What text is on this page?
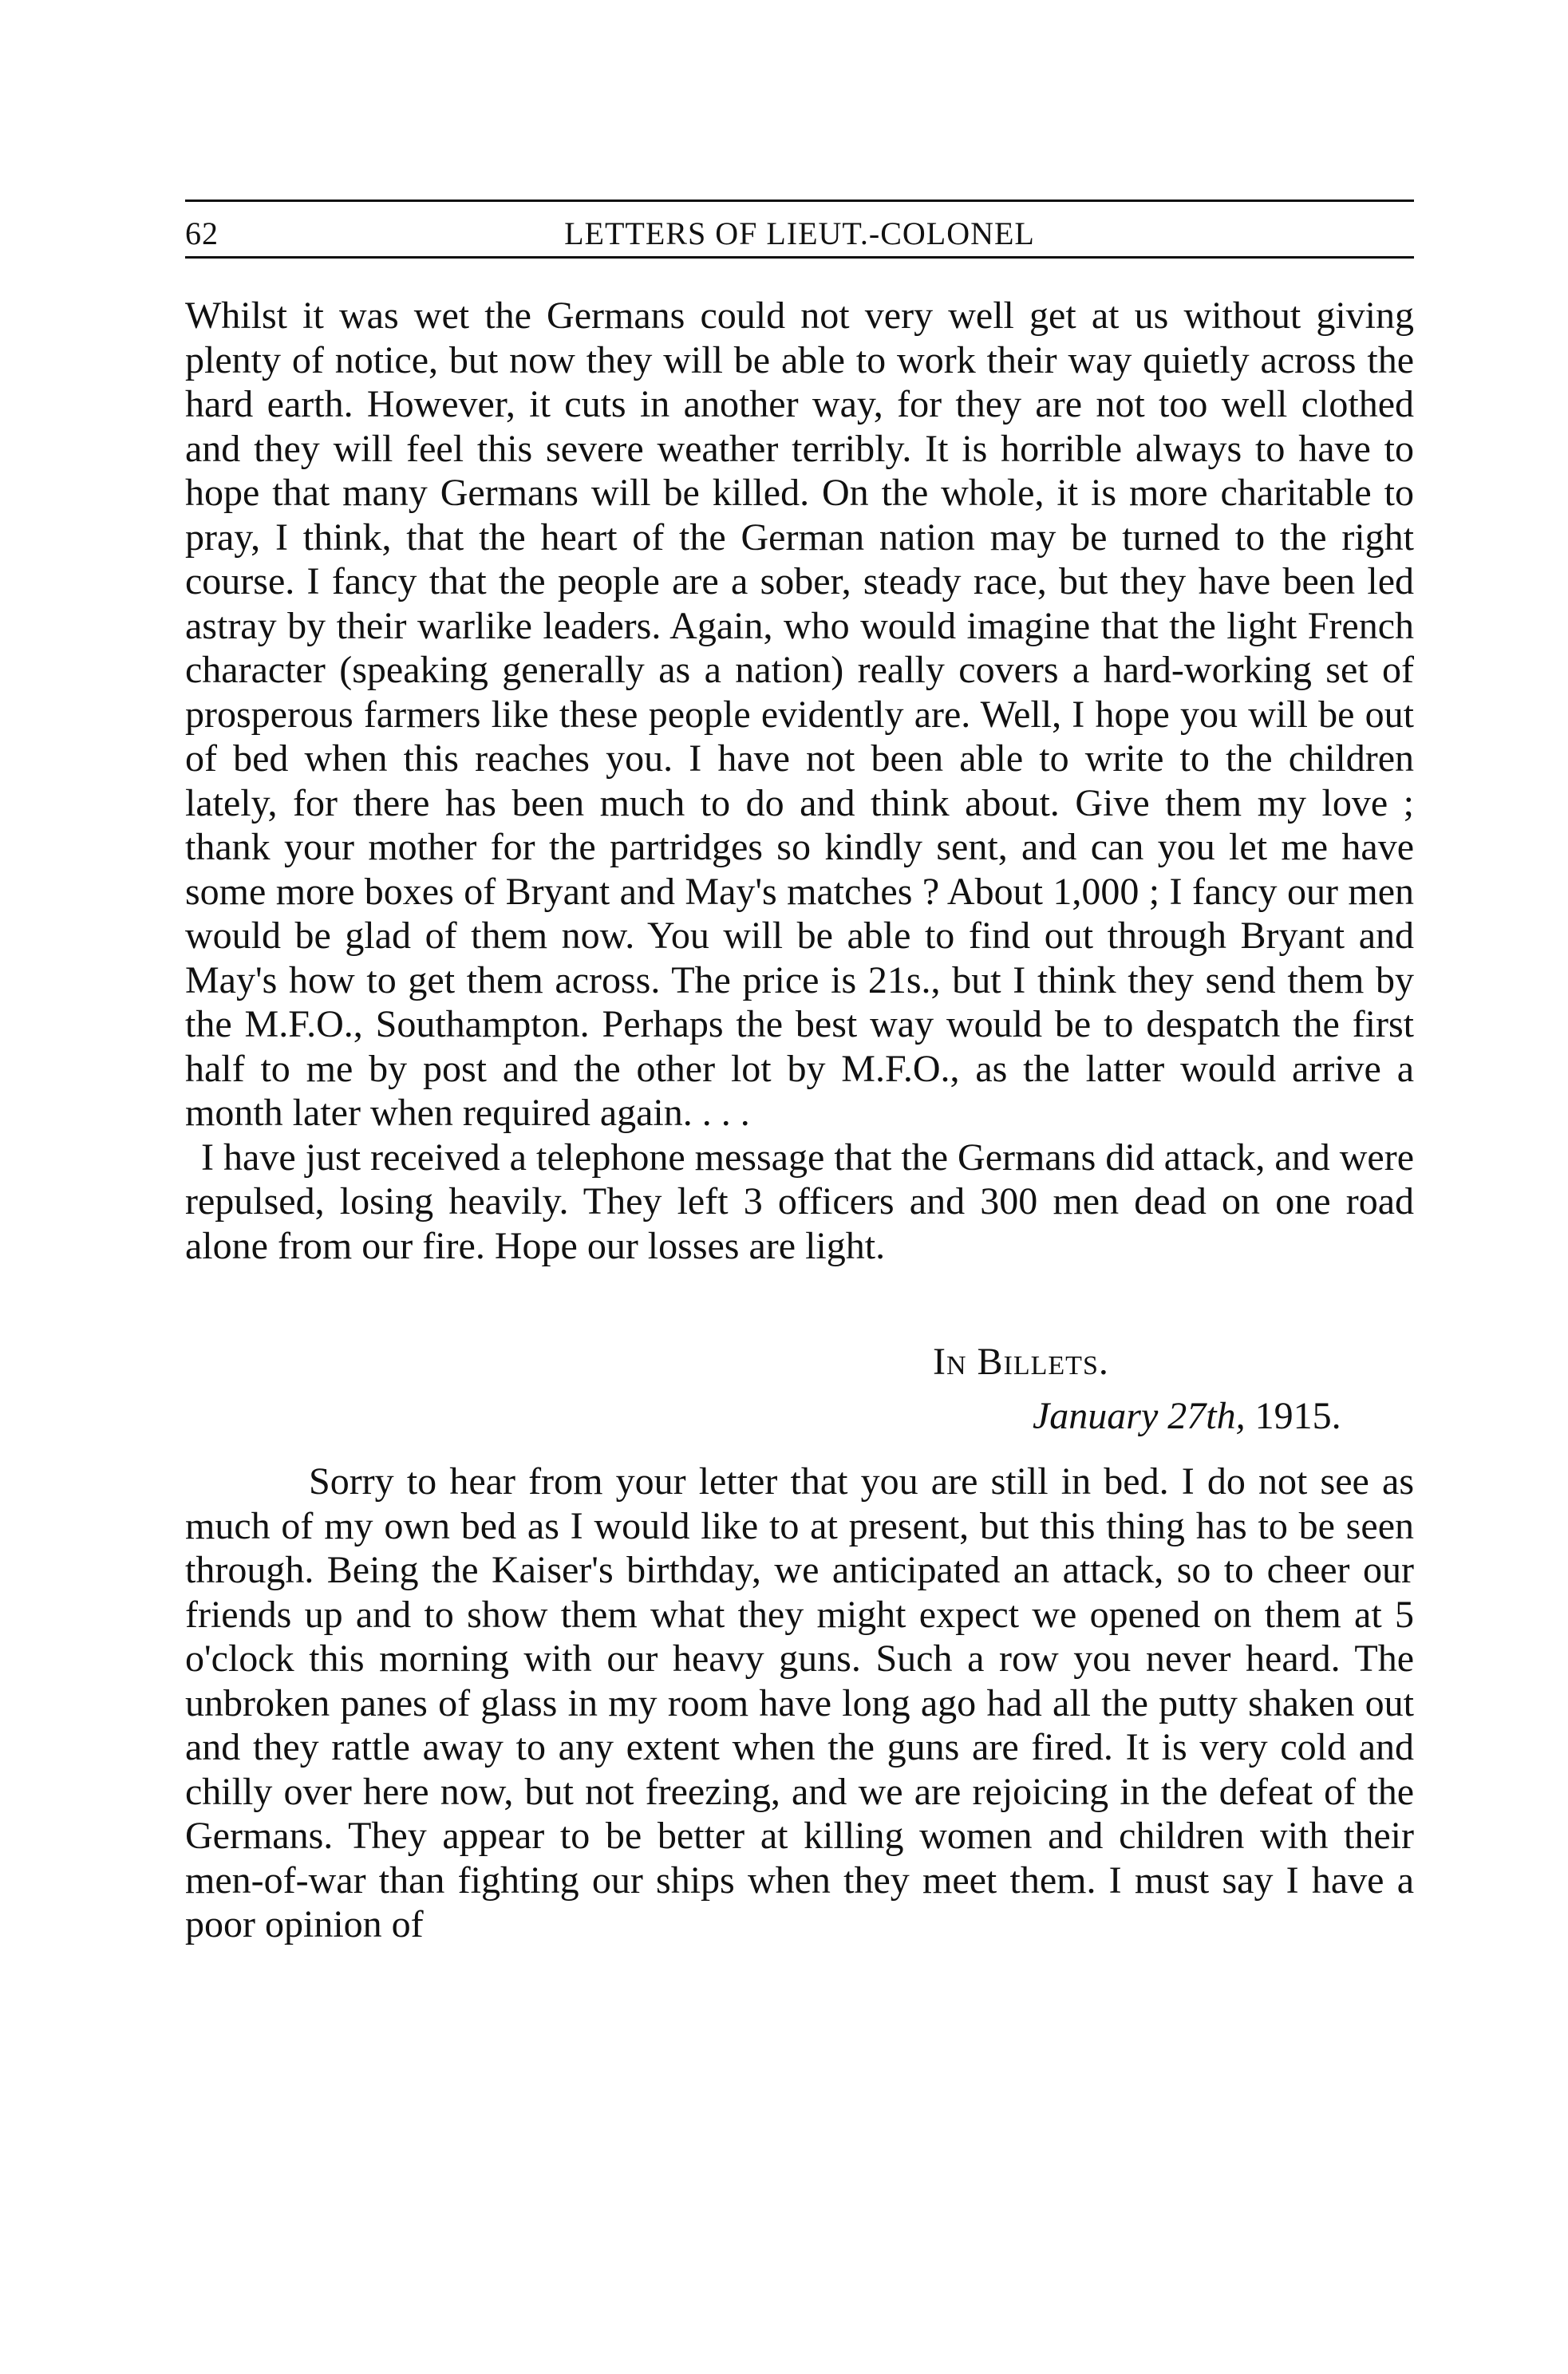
62	LETTERS OF LIEUT.-COLONEL

Whilst it was wet the Germans could not very well get at us without giving plenty of notice, but now they will be able to work their way quietly across the hard earth. However, it cuts in another way, for they are not too well clothed and they will feel this severe weather terribly. It is horrible always to have to hope that many Germans will be killed. On the whole, it is more charitable to pray, I think, that the heart of the German nation may be turned to the right course. I fancy that the people are a sober, steady race, but they have been led astray by their warlike leaders. Again, who would imagine that the light French character (speaking generally as a nation) really covers a hard-working set of prosperous farmers like these people evidently are. Well, I hope you will be out of bed when this reaches you. I have not been able to write to the children lately, for there has been much to do and think about. Give them my love ; thank your mother for the partridges so kindly sent, and can you let me have some more boxes of Bryant and May's matches ? About 1,000 ; I fancy our men would be glad of them now. You will be able to find out through Bryant and May's how to get them across. The price is 21s., but I think they send them by the M.F.O., Southampton. Perhaps the best way would be to despatch the first half to me by post and the other lot by M.F.O., as the latter would arrive a month later when required again. . . .

I have just received a telephone message that the Germans did attack, and were repulsed, losing heavily. They left 3 officers and 300 men dead on one road alone from our fire. Hope our losses are light.

In Billets.
January 27th, 1915.

Sorry to hear from your letter that you are still in bed. I do not see as much of my own bed as I would like to at present, but this thing has to be seen through. Being the Kaiser's birthday, we anticipated an attack, so to cheer our friends up and to show them what they might expect we opened on them at 5 o'clock this morning with our heavy guns. Such a row you never heard. The unbroken panes of glass in my room have long ago had all the putty shaken out and they rattle away to any extent when the guns are fired. It is very cold and chilly over here now, but not freezing, and we are rejoicing in the defeat of the Germans. They appear to be better at killing women and children with their men-of-war than fighting our ships when they meet them. I must say I have a poor opinion of
